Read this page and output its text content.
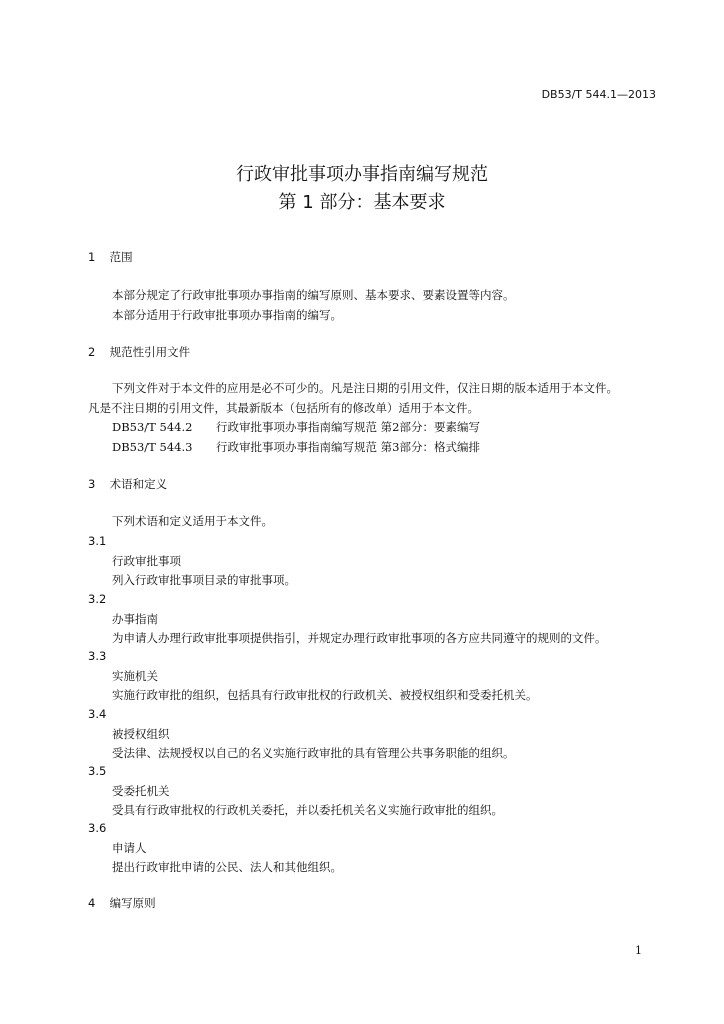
DB53/T 544.1—2013
行政审批事项办事指南编写规范
第 1 部分：基本要求
1 范围
本部分规定了行政审批事项办事指南的编写原则、基本要求、要素设置等内容。
本部分适用于行政审批事项办事指南的编写。
2 规范性引用文件
下列文件对于本文件的应用是必不可少的。凡是注日期的引用文件，仅注日期的版本适用于本文件。
凡是不注日期的引用文件，其最新版本（包括所有的修改单）适用于本文件。
DB53/T 544.2 行政审批事项办事指南编写规范 第2部分：要素编写
DB53/T 544.3 行政审批事项办事指南编写规范 第3部分：格式编排
3 术语和定义
下列术语和定义适用于本文件。
3.1
行政审批事项
列入行政审批事项目录的审批事项。
3.2
办事指南
为申请人办理行政审批事项提供指引，并规定办理行政审批事项的各方应共同遵守的规则的文件。
3.3
实施机关
实施行政审批的组织，包括具有行政审批权的行政机关、被授权组织和受委托机关。
3.4
被授权组织
受法律、法规授权以自己的名义实施行政审批的具有管理公共事务职能的组织。
3.5
受委托机关
受具有行政审批权的行政机关委托，并以委托机关名义实施行政审批的组织。
3.6
申请人
提出行政审批申请的公民、法人和其他组织。
4 编写原则
1
